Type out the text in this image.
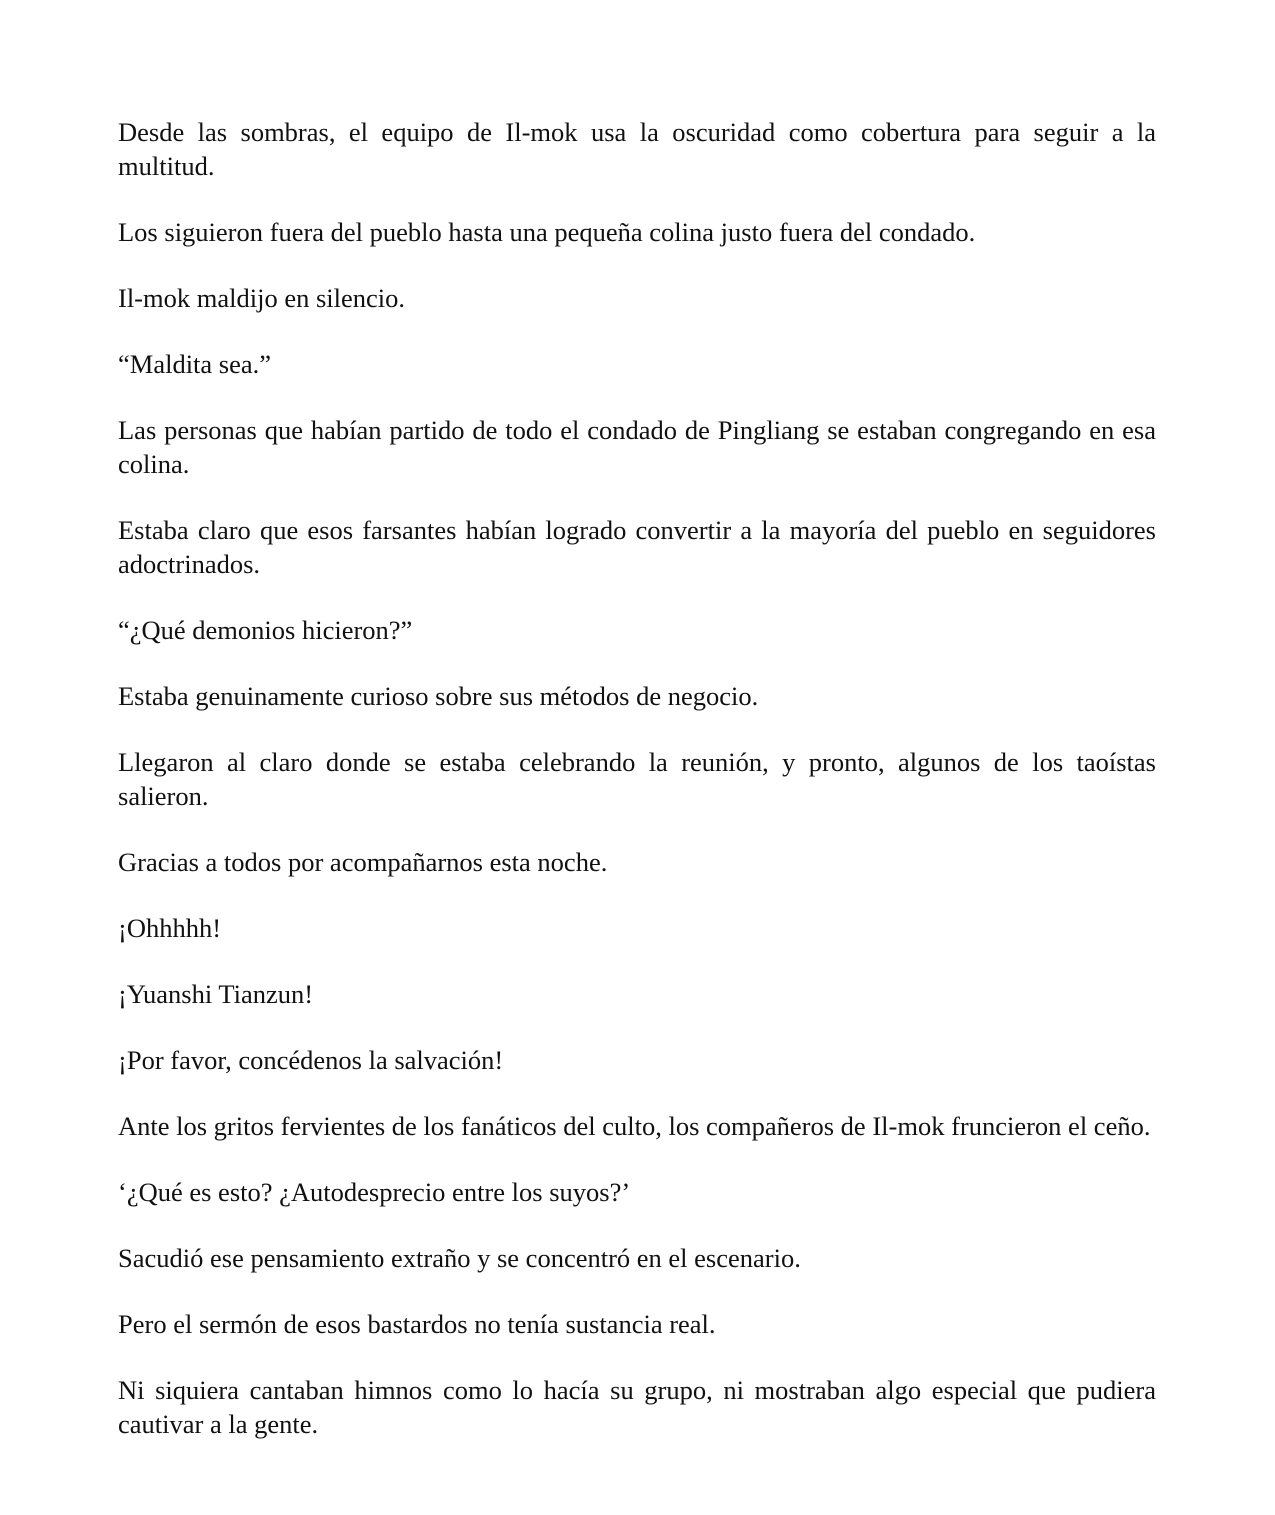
Desde las sombras, el equipo de Il-mok usa la oscuridad como cobertura para seguir a la multitud.

Los siguieron fuera del pueblo hasta una pequeña colina justo fuera del condado.

Il-mok maldijo en silencio.

“Maldita sea.”

Las personas que habían partido de todo el condado de Pingliang se estaban congregando en esa colina.

Estaba claro que esos farsantes habían logrado convertir a la mayoría del pueblo en seguidores adoctrinados.

“¿Qué demonios hicieron?”

Estaba genuinamente curioso sobre sus métodos de negocio.

Llegaron al claro donde se estaba celebrando la reunión, y pronto, algunos de los taoístas salieron.

Gracias a todos por acompañarnos esta noche.

¡Ohhhhh!

¡Yuanshi Tianzun!

¡Por favor, concédenos la salvación!

Ante los gritos fervientes de los fanáticos del culto, los compañeros de Il-mok fruncieron el ceño.

‘¿Qué es esto? ¿Autodesprecio entre los suyos?’

Sacudió ese pensamiento extraño y se concentró en el escenario.

Pero el sermón de esos bastardos no tenía sustancia real.

Ni siquiera cantaban himnos como lo hacía su grupo, ni mostraban algo especial que pudiera cautivar a la gente.
